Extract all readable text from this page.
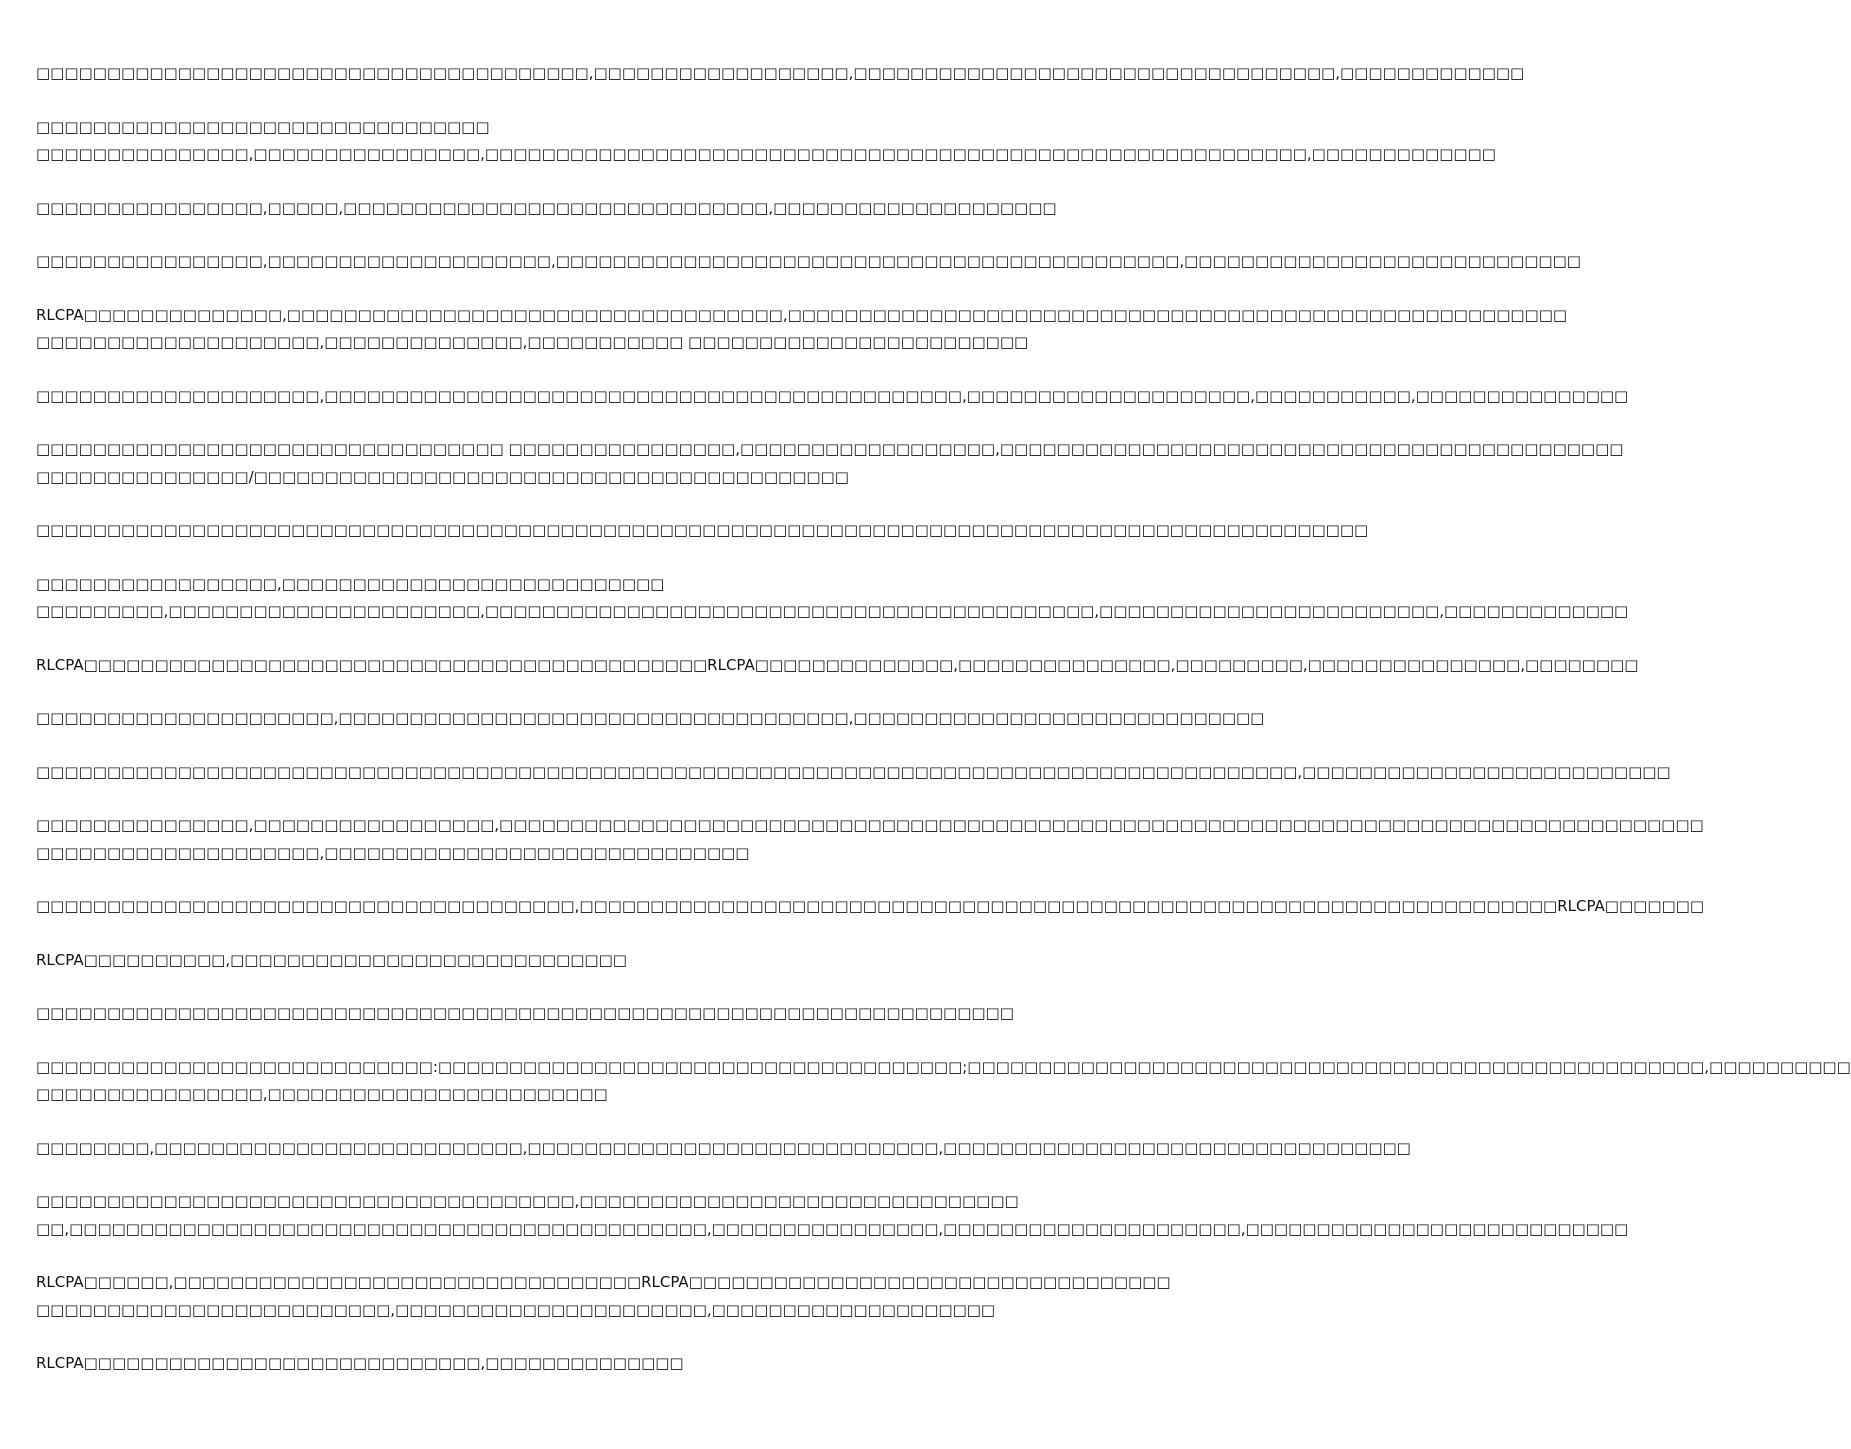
□□□□□□□□□□□□□□□□□□□□□□□□□□□□□□□□□□□□□□□,□□□□□□□□□□□□□□□□□□,□□□□□□□□□□□□□□□□□□□□□□□□□□□□□□□□□□,□□□□□□□□□□□□□

□□□□□□□□□□□□□□□□□□□□□□□□□□□□□□□□
□□□□□□□□□□□□□□□,□□□□□□□□□□□□□□□□,□□□□□□□□□□□□□□□□□□□□□□□□□□□□□□□□□□□□□□□□□□□□□□□□□□□□□□□□□□,□□□□□□□□□□□□□

□□□□□□□□□□□□□□□□,□□□□□,□□□□□□□□□□□□□□□□□□□□□□□□□□□□□□,□□□□□□□□□□□□□□□□□□□□

□□□□□□□□□□□□□□□□,□□□□□□□□□□□□□□□□□□□□,□□□□□□□□□□□□□□□□□□□□□□□□□□□□□□□□□□□□□□□□□□□□,□□□□□□□□□□□□□□□□□□□□□□□□□□□□

RLCPA□□□□□□□□□□□□□□,□□□□□□□□□□□□□□□□□□□□□□□□□□□□□□□□□□□,□□□□□□□□□□□□□□□□□□□□□□□□□□□□□□□□□□□□□□□□□□□□□□□□□□□□□□□
□□□□□□□□□□□□□□□□□□□□,□□□□□□□□□□□□□□,□□□□□□□□□□□ □□□□□□□□□□□□□□□□□□□□□□□□

□□□□□□□□□□□□□□□□□□□□,□□□□□□□□□□□□□□□□□□□□□□□□□□□□□□□□□□□□□□□□□□□□□,□□□□□□□□□□□□□□□□□□□□,□□□□□□□□□□□,□□□□□□□□□□□□□□□

□□□□□□□□□□□□□□□□□□□□□□□□□□□□□□□□□ □□□□□□□□□□□□□□□□,□□□□□□□□□□□□□□□□□□,□□□□□□□□□□□□□□□□□□□□□□□□□□□□□□□□□□□□□□□□□□□□
□□□□□□□□□□□□□□□/□□□□□□□□□□□□□□□□□□□□□□□□□□□□□□□□□□□□□□□□□□

□□□□□□□□□□□□□□□□□□□□□□□□□□□□□□□□□□□□□□□□□□□□□□□□□□□□□□□□□□□□□□□□□□□□□□□□□□□□□□□□□□□□□□□□□□□□□□

□□□□□□□□□□□□□□□□□,□□□□□□□□□□□□□□□□□□□□□□□□□□□
□□□□□□□□□,□□□□□□□□□□□□□□□□□□□□□□,□□□□□□□□□□□□□□□□□□□□□□□□□□□□□□□□□□□□□□□□□□□,□□□□□□□□□□□□□□□□□□□□□□□□,□□□□□□□□□□□□□

RLCPA□□□□□□□□□□□□□□□□□□□□□□□□□□□□□□□□□□□□□□□□□□□□RLCPA□□□□□□□□□□□□□□,□□□□□□□□□□□□□□□,□□□□□□□□□,□□□□□□□□□□□□□□□,□□□□□□□□

□□□□□□□□□□□□□□□□□□□□□,□□□□□□□□□□□□□□□□□□□□□□□□□□□□□□□□□□□□,□□□□□□□□□□□□□□□□□□□□□□□□□□□□□

□□□□□□□□□□□□□□□□□□□□□□□□□□□□□□□□□□□□□□□□□□□□□□□□□□□□□□□□□□□□□□□□□□□□□□□□□□□□□□□□□□□□□□□□□,□□□□□□□□□□□□□□□□□□□□□□□□□□

□□□□□□□□□□□□□□□,□□□□□□□□□□□□□□□□□,□□□□□□□□□□□□□□□□□□□□□□□□□□□□□□□□□□□□□□□□□□□□□□□□□□□□□□□□□□□□□□□□□□□□□□□□□□□□□□□□□□□□□
□□□□□□□□□□□□□□□□□□□□,□□□□□□□□□□□□□□□□□□□□□□□□□□□□□□

□□□□□□□□□□□□□□□□□□□□□□□□□□□□□□□□□□□□□□,□□□□□□□□□□□□□□□□□□□□□□□□□□□□□□□□□□□□□□□□□□□□□□□□□□□□□□□□□□□□□□□□□□□□□RLCPA□□□□□□□

RLCPA□□□□□□□□□□,□□□□□□□□□□□□□□□□□□□□□□□□□□□□

□□□□□□□□□□□□□□□□□□□□□□□□□□□□□□□□□□□□□□□□□□□□□□□□□□□□□□□□□□□□□□□□□□□□□

□□□□□□□□□□□□□□□□□□□□□□□□□□□□:□□□□□□□□□□□□□□□□□□□□□□□□□□□□□□□□□□□□□;□□□□□□□□□□□□□□□□□□□□□□□□□□□□□□□□□□□□□□□□□□□□□□□□□□□□,□□□□□□□□□□
□□□□□□□□□□□□□□□□,□□□□□□□□□□□□□□□□□□□□□□□□

□□□□□□□□,□□□□□□□□□□□□□□□□□□□□□□□□□□,□□□□□□□□□□□□□□□□□□□□□□□□□□□□□,□□□□□□□□□□□□□□□□□□□□□□□□□□□□□□□□□

□□□□□□□□□□□□□□□□□□□□□□□□□□□□□□□□□□□□□□,□□□□□□□□□□□□□□□□□□□□□□□□□□□□□□□
□□,□□□□□□□□□□□□□□□□□□□□□□□□□□□□□□□□□□□□□□□□□□□□□,□□□□□□□□□□□□□□□□,□□□□□□□□□□□□□□□□□□□□□,□□□□□□□□□□□□□□□□□□□□□□□□□□□

RLCPA□□□□□□,□□□□□□□□□□□□□□□□□□□□□□□□□□□□□□□□□RLCPA□□□□□□□□□□□□□□□□□□□□□□□□□□□□□□□□□□
□□□□□□□□□□□□□□□□□□□□□□□□□,□□□□□□□□□□□□□□□□□□□□□□,□□□□□□□□□□□□□□□□□□□□

RLCPA□□□□□□□□□□□□□□□□□□□□□□□□□□□□,□□□□□□□□□□□□□□
